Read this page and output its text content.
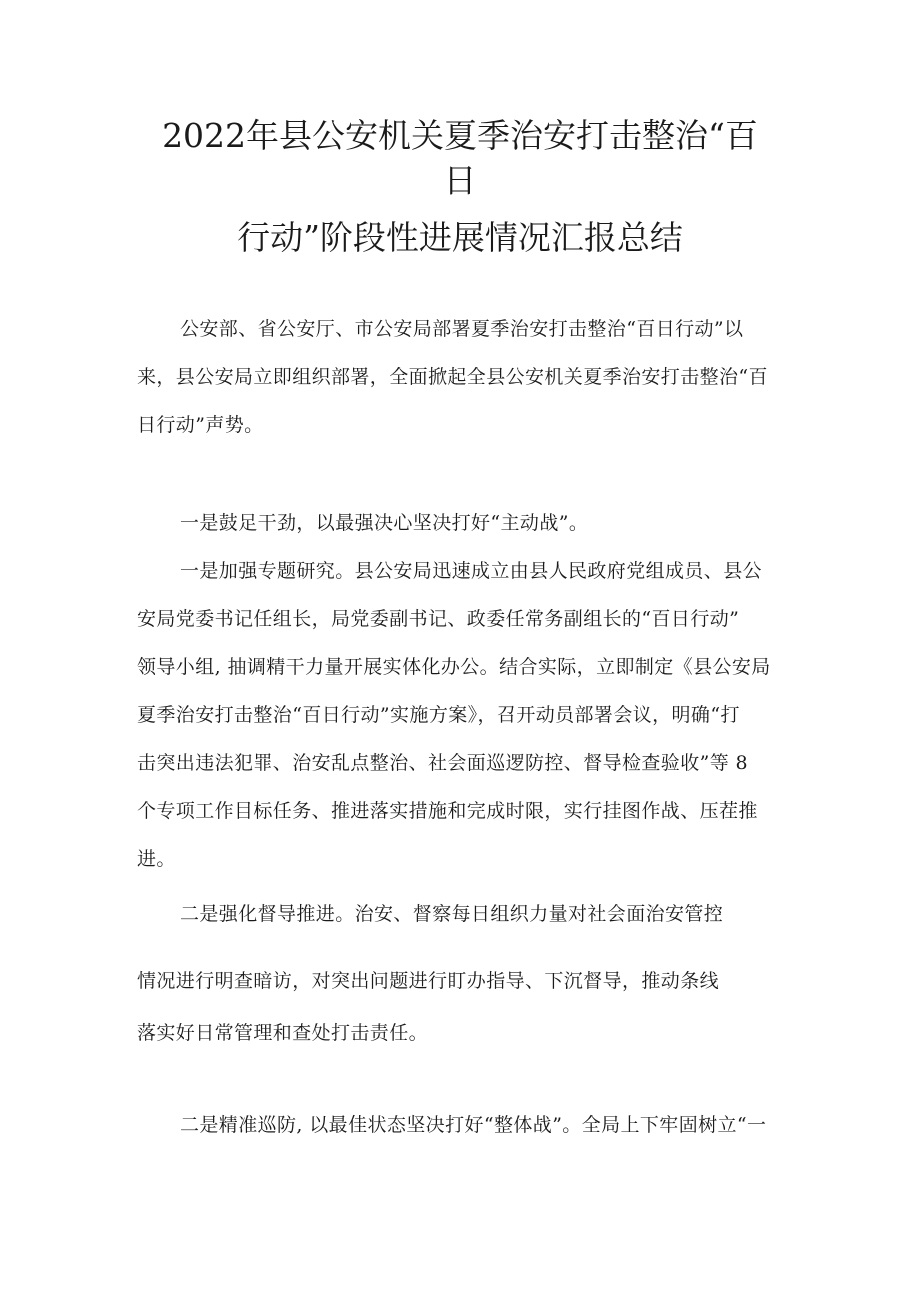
2022年县公安机关夏季治安打击整治“百
日
行动”阶段性进展情况汇报总结
公安部、省公安厅、市公安局部署夏季治安打击整治“百日行动”以
来，县公安局立即组织部署，全面掀起全县公安机关夏季治安打击整治“百
日行动”声势。
一是鼓足干劲，以最强决心坚决打好“主动战”。
一是加强专题研究。县公安局迅速成立由县人民政府党组成员、县公
安局党委书记任组长，局党委副书记、政委任常务副组长的“百日行动”
领导小组, 抽调精干力量开展实体化办公。结合实际，立即制定《县公安局
夏季治安打击整治“百日行动”实施方案》，召开动员部署会议，明确“打
击突出违法犯罪、治安乱点整治、社会面巡逻防控、督导检查验收”等 8
个专项工作目标任务、推进落实措施和完成时限，实行挂图作战、压茬推
进。
二是强化督导推进。治安、督察每日组织力量对社会面治安管控
情况进行明查暗访，对突出问题进行盯办指导、下沉督导，推动条线
落实好日常管理和查处打击责任。
二是精准巡防, 以最佳状态坚决打好“整体战”。全局上下牢固树立“一
